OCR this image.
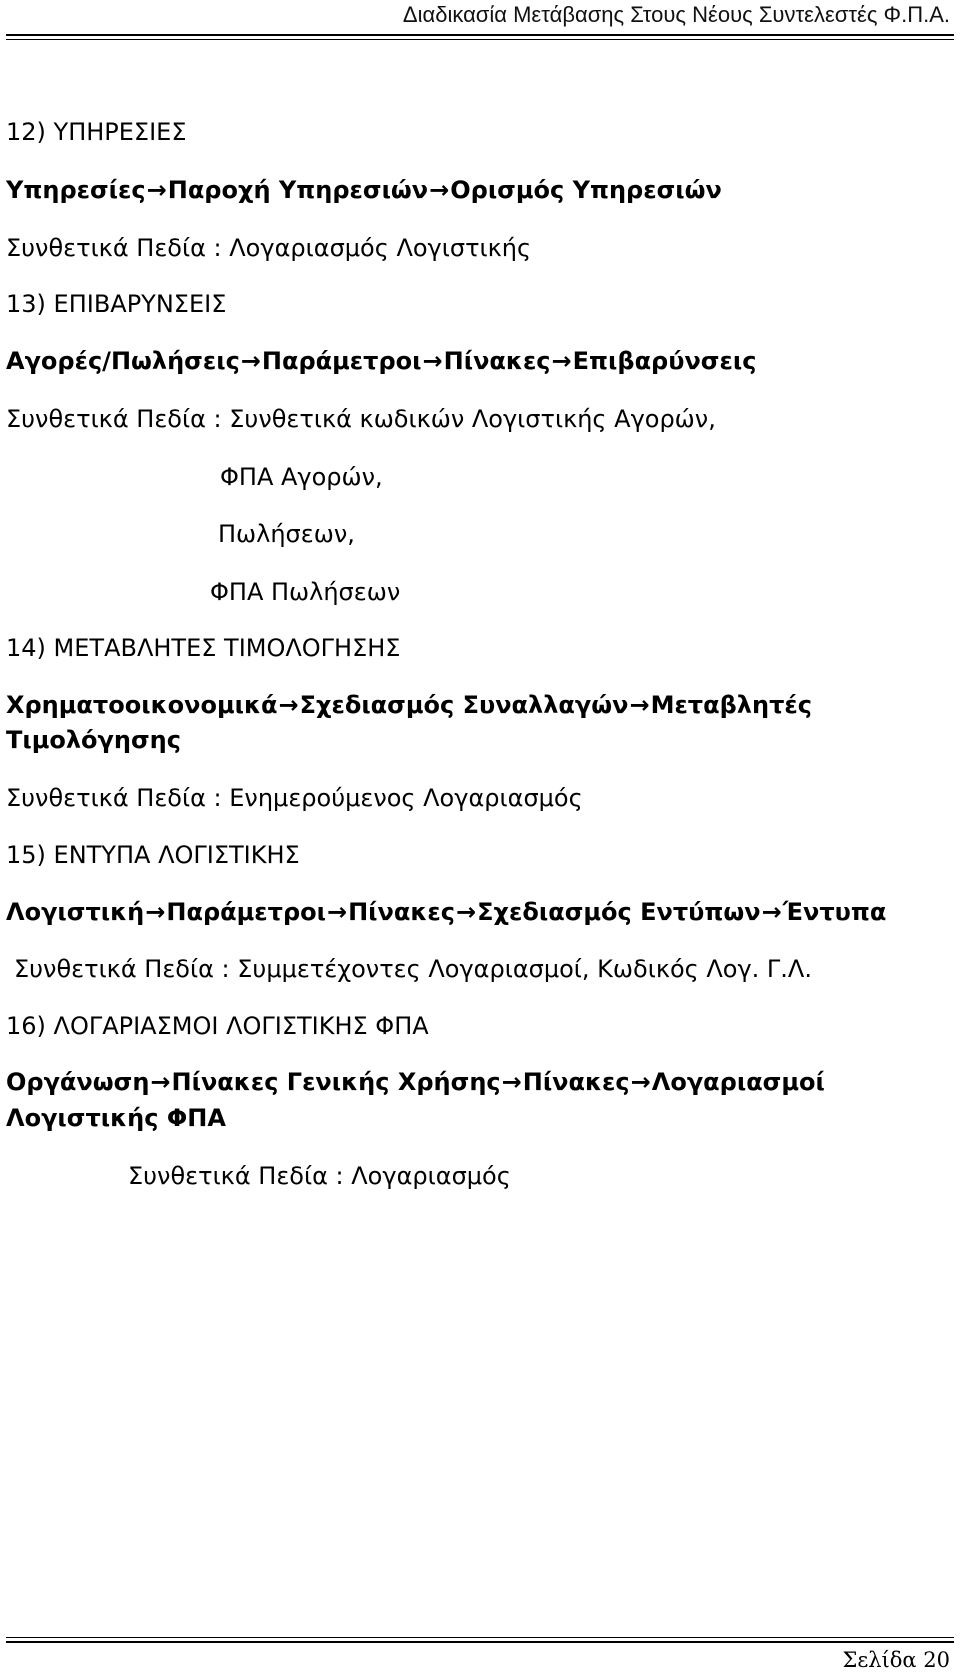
Διαδικασία Μετάβασης Στους Νέους Συντελεστές Φ.Π.Α.
12) ΥΠΗΡΕΣΙΕΣ
Υπηρεσίες→Παροχή Υπηρεσιών→Ορισμός Υπηρεσιών
Συνθετικά Πεδία : Λογαριασμός Λογιστικής
13) ΕΠΙΒΑΡΥΝΣΕΙΣ
Αγορές/Πωλήσεις→Παράμετροι→Πίνακες→Επιβαρύνσεις
Συνθετικά Πεδία : Συνθετικά κωδικών Λογιστικής Αγορών,
ΦΠΑ Αγορών,
Πωλήσεων,
ΦΠΑ Πωλήσεων
14) ΜΕΤΑΒΛΗΤΕΣ ΤΙΜΟΛΟΓΗΣΗΣ
Χρηματοοικονομικά→Σχεδιασμός Συναλλαγών→Μεταβλητές
Τιμολόγησης
Συνθετικά Πεδία : Ενημερούμενος Λογαριασμός
15) ΕΝΤΥΠΑ ΛΟΓΙΣΤΙΚΗΣ
Λογιστική→Παράμετροι→Πίνακες→Σχεδιασμός Εντύπων→Έντυπα
Συνθετικά Πεδία : Συμμετέχοντες Λογαριασμοί, Κωδικός Λογ. Γ.Λ.
16) ΛΟΓΑΡΙΑΣΜΟΙ ΛΟΓΙΣΤΙΚΗΣ ΦΠΑ
Οργάνωση→Πίνακες Γενικής Χρήσης→Πίνακες→Λογαριασμοί
Λογιστικής ΦΠΑ
Συνθετικά Πεδία : Λογαριασμός
Σελίδα 20
